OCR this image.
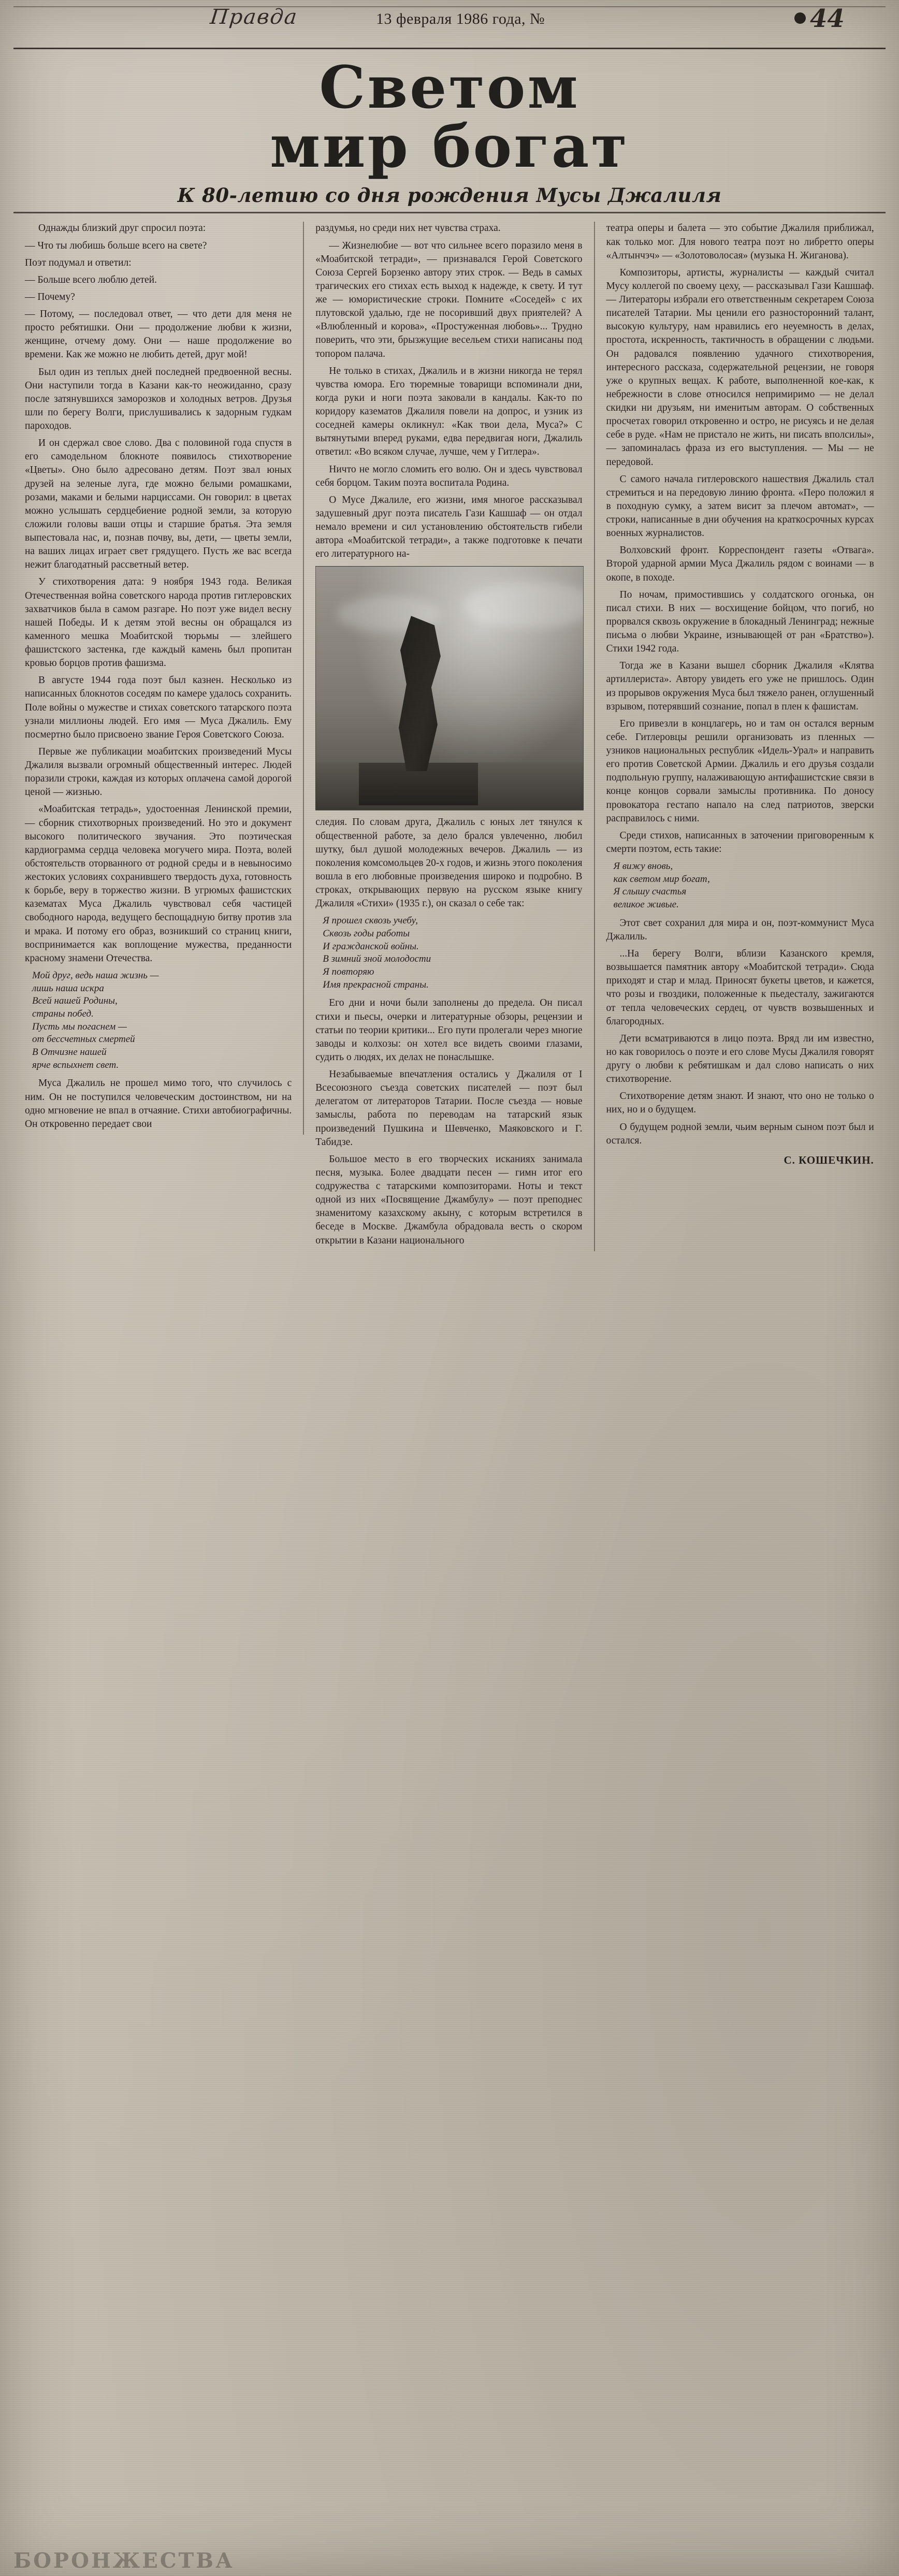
Правда	13 февраля 1986 года, №	44
Светом
мир богат
К 80-летию со дня рождения Мусы Джалиля

Однажды близкий друг спросил поэта:

— Что ты любишь больше всего на свете?

Поэт подумал и ответил:

— Больше всего люблю детей.

— Почему?

— Потому, — последовал ответ, — что дети для меня не просто ребятишки. Они — продолжение любви к жизни, женщине, отчему дому. Они — наше продолжение во времени. Как же можно не любить детей, друг мой!

Был один из теплых дней последней предвоенной весны. Они наступили тогда в Казани как-то неожиданно, сразу после затянувшихся заморозков и холодных ветров. Друзья шли по берегу Волги, прислушивались к задорным гудкам пароходов.

И он сдержал свое слово. Два с половиной года спустя в его самодельном блокноте появилось стихотворение «Цветы». Оно было адресовано детям. Поэт звал юных друзей на зеленые луга, где можно белыми ромашками, розами, маками и белыми нарциссами. Он говорил: в цветах можно услышать сердцебиение родной земли, за которую сложили головы ваши отцы и старшие братья. Эта земля выпестовала нас, и, познав почву, вы, дети, — цветы земли, на ваших лицах играет свет грядущего. Пусть же вас всегда нежит благодатный рассветный ветер.

У стихотворения дата: 9 ноября 1943 года. Великая Отечественная война советского народа против гитлеровских захватчиков была в самом разгаре. Но поэт уже видел весну нашей Победы. И к детям этой весны он обращался из каменного мешка Моабитской тюрьмы — злейшего фашистского застенка, где каждый камень был пропитан кровью борцов против фашизма.

В августе 1944 года поэт был казнен. Несколько из написанных блокнотов соседям по камере удалось сохранить. Поле войны о мужестве и стихах советского татарского поэта узнали миллионы людей. Его имя — Муса Джалиль. Ему посмертно было присвоено звание Героя Советского Союза.

Первые же публикации моабитских произведений Мусы Джалиля вызвали огромный общественный интерес. Людей поразили строки, каждая из которых оплачена самой дорогой ценой — жизнью.

«Моабитская тетрадь», удостоенная Ленинской премии, — сборник стихотворных произведений. Но это и документ высокого политического звучания. Это поэтическая кардиограмма сердца человека могучего мира. Поэта, волей обстоятельств оторванного от родной среды и в невыносимо жестоких условиях сохранившего твердость духа, готовность к борьбе, веру в торжество жизни. В угрюмых фашистских казематах Муса Джалиль чувствовал себя частицей свободного народа, ведущего беспощадную битву против зла и мрака. И потому его образ, возникший со страниц книги, воспринимается как воплощение мужества, преданности красному знамени Отечества.

Мой друг, ведь наша жизнь —
лишь наша искра
Всей нашей Родины,
страны побед.
Пусть мы погаснем —
от бессчетных смертей
В Отчизне нашей
ярче вспыхнет свет.

Муса Джалиль не прошел мимо того, что случилось с ним. Он не поступился человеческим достоинством, ни на одно мгновение не впал в отчаяние. Стихи автобиографичны. Он откровенно передает свои

раздумья, но среди них нет чувства страха.

— Жизнелюбие — вот что сильнее всего поразило меня в «Моабитской тетради», — признавался Герой Советского Союза Сергей Борзенко автору этих строк. — Ведь в самых трагических его стихах есть выход к надежде, к свету. И тут же — юмористические строки. Помните «Соседей» с их плутовской удалью, где не посоривший двух приятелей? А «Влюбленный и корова», «Простуженная любовь»... Трудно поверить, что эти, брызжущие весельем стихи написаны под топором палача.

Не только в стихах, Джалиль и в жизни никогда не терял чувства юмора. Его тюремные товарищи вспоминали дни, когда руки и ноги поэта заковали в кандалы. Как-то по коридору казематов Джалиля повели на допрос, и узник из соседней камеры окликнул: «Как твои дела, Муса?» С вытянутыми вперед руками, едва передвигая ноги, Джалиль ответил: «Во всяком случае, лучше, чем у Гитлера».

Ничто не могло сломить его волю. Он и здесь чувствовал себя борцом. Таким поэта воспитала Родина.

О Мусе Джалиле, его жизни, имя многое рассказывал задушевный друг поэта писатель Гази Кашшаф — он отдал немало времени и сил установлению обстоятельств гибели автора «Моабитской тетради», а также подготовке к печати его литературного на-

следия. По словам друга, Джалиль с юных лет тянулся к общественной работе, за дело брался увлеченно, любил шутку, был душой молодежных вечеров. Джалиль — из поколения комсомольцев 20-х годов, и жизнь этого поколения вошла в его любовные произведения широко и подробно. В строках, открывающих первую на русском языке книгу Джалиля «Стихи» (1935 г.), он сказал о себе так:

Я прошел сквозь учебу,
Сквозь годы работы
И гражданской войны.
В зимний зной молодости
Я повторяю
Имя прекрасной страны.

Его дни и ночи были заполнены до предела. Он писал стихи и пьесы, очерки и литературные обзоры, рецензии и статьи по теории критики... Его пути пролегали через многие заводы и колхозы: он хотел все видеть своими глазами, судить о людях, их делах не понаслышке.

Незабываемые впечатления остались у Джалиля от I Всесоюзного съезда советских писателей — поэт был делегатом от литераторов Татарии. После съезда — новые замыслы, работа по переводам на татарский язык произведений Пушкина и Шевченко, Маяковского и Г. Табидзе.

Большое место в его творческих исканиях занимала песня, музыка. Более двадцати песен — гимн итог его содружества с татарскими композиторами. Ноты и текст одной из них «Посвящение Джамбулу» — поэт преподнес знаменитому казахскому акыну, с которым встретился в беседе в Москве. Джамбула обрадовала весть о скором открытии в Казани национального

театра оперы и балета — это событие Джалиля приближал, как только мог. Для нового театра поэт но либретто оперы «Алтынчэч» — «Золотоволосая» (музыка Н. Жиганова).

Композиторы, артисты, журналисты — каждый считал Мусу коллегой по своему цеху, — рассказывал Гази Кашшаф. — Литераторы избрали его ответственным секретарем Союза писателей Татарии. Мы ценили его разносторонний талант, высокую культуру, нам нравились его неуемность в делах, простота, искренность, тактичность в обращении с людьми. Он радовался появлению удачного стихотворения, интересного рассказа, содержательной рецензии, не говоря уже о крупных вещах. К работе, выполненной кое-как, к небрежности в слове относился непримиримо — не делал скидки ни друзьям, ни именитым авторам. О собственных просчетах говорил откровенно и остро, не рисуясь и не делая себе в руде. «Нам не пристало не жить, ни писать вполсилы», — запоминалась фраза из его выступления. — Мы — не передовой.

С самого начала гитлеровского нашествия Джалиль стал стремиться и на передовую линию фронта. «Перо положил я в походную сумку, а затем висит за плечом автомат», — строки, написанные в дни обучения на краткосрочных курсах военных журналистов.

Волховский фронт. Корреспондент газеты «Отвага». Второй ударной армии Муса Джалиль рядом с воинами — в окопе, в походе.

По ночам, примостившись у солдатского огонька, он писал стихи. В них — восхищение бойцом, что погиб, но прорвался сквозь окружение в блокадный Ленинград; нежные письма о любви Украине, изнывающей от ран «Братство»). Стихи 1942 года.

Тогда же в Казани вышел сборник Джалиля «Клятва артиллериста». Автору увидеть его уже не пришлось. Один из прорывов окружения Муса был тяжело ранен, оглушенный взрывом, потерявший сознание, попал в плен к фашистам.

Его привезли в концлагерь, но и там он остался верным себе. Гитлеровцы решили организовать из пленных — узников национальных республик «Идель-Урал» и направить его против Советской Армии. Джалиль и его друзья создали подпольную группу, налаживающую антифашистские связи в конце концов сорвали замыслы противника. По доносу провокатора гестапо напало на след патриотов, зверски расправилось с ними.

Среди стихов, написанных в заточении приговоренным к смерти поэтом, есть такие:

Я вижу вновь,
как светом мир богат,
Я слышу счастья
великое живые.

Этот свет сохранил для мира и он, поэт-коммунист Муса Джалиль.

...На берегу Волги, вблизи Казанского кремля, возвышается памятник автору «Моабитской тетради». Сюда приходят и стар и млад. Приносят букеты цветов, и кажется, что розы и гвоздики, положенные к пьедесталу, зажигаются от тепла человеческих сердец, от чувств возвышенных и благородных.

Дети всматриваются в лицо поэта. Вряд ли им известно, но как говорилось о поэте и его слове Мусы Джалиля говорят другу о любви к ребятишкам и дал слово написать о них стихотворение.

Стихотворение детям знают. И знают, что оно не только о них, но и о будущем.

О будущем родной земли, чьим верным сыном поэт был и остался.

С. КОШЕЧКИН.
БОРОНЖЕСТВА
